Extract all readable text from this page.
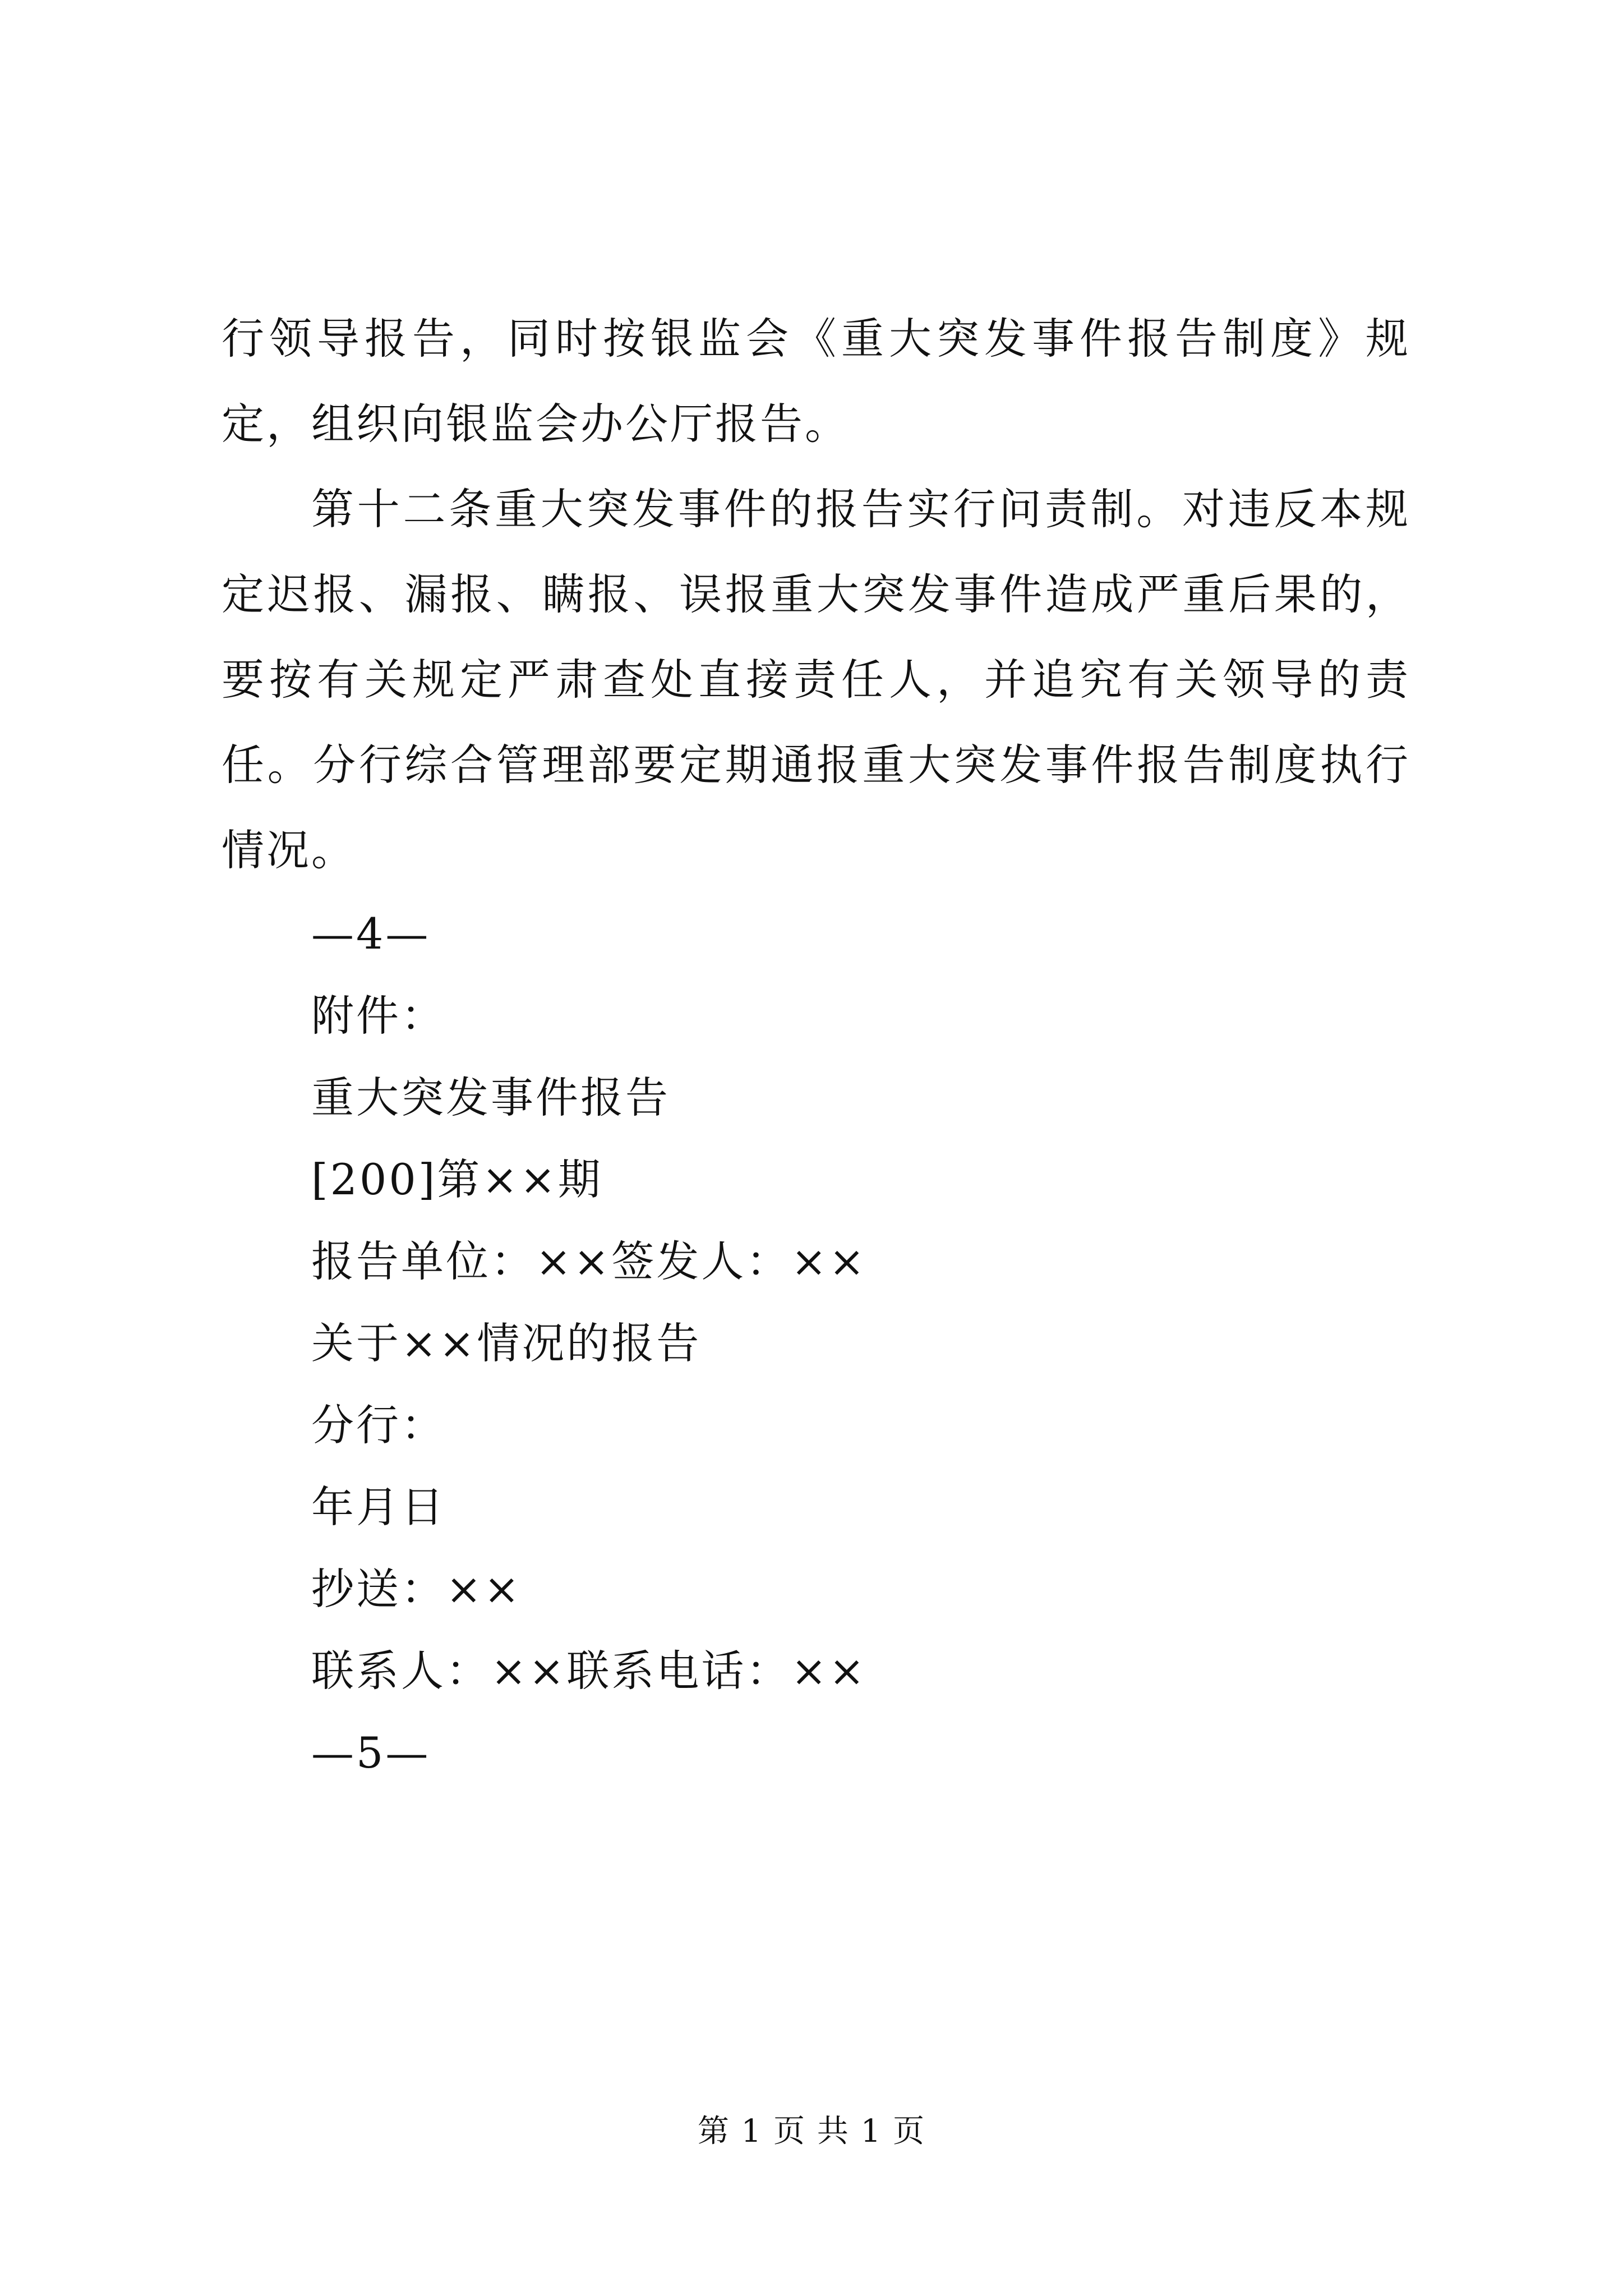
行领导报告，同时按银监会《重大突发事件报告制度》规定，组织向银监会办公厅报告。

第十二条重大突发事件的报告实行问责制。对违反本规定迟报、漏报、瞒报、误报重大突发事件造成严重后果的，要按有关规定严肃查处直接责任人，并追究有关领导的责任。分行综合管理部要定期通报重大突发事件报告制度执行情况。

—4—

附件：

重大突发事件报告

[200]第××期

报告单位：××签发人：××

关于××情况的报告

分行：

年月日

抄送：××

联系人：××联系电话：××

—5—

第 1 页 共 1 页
